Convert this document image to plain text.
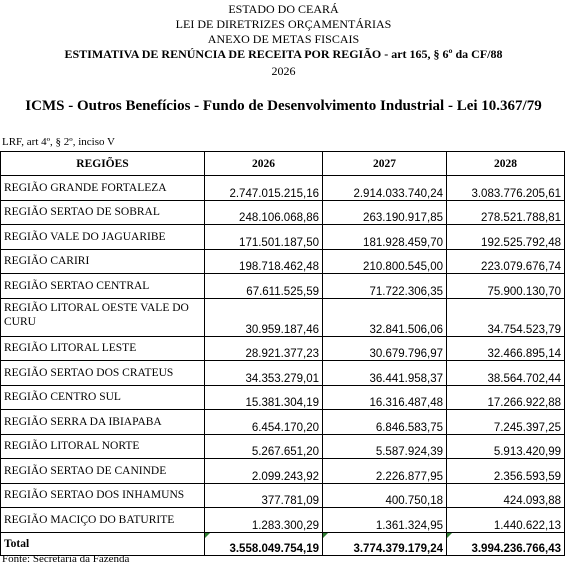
ESTADO DO CEARÁ
LEI DE DIRETRIZES ORÇAMENTÁRIAS
ANEXO DE METAS FISCAIS
ESTIMATIVA DE RENÚNCIA DE RECEITA POR REGIÃO - art 165, § 6º da CF/88
2026
ICMS - Outros Benefícios - Fundo de Desenvolvimento Industrial - Lei 10.367/79
LRF, art 4º, § 2º, inciso V
REGIÕES	2026	2027	2028
REGIÃO GRANDE FORTALEZA	2.747.015.215,16	2.914.033.740,24	3.083.776.205,61
REGIÃO SERTAO DE SOBRAL	248.106.068,86	263.190.917,85	278.521.788,81
REGIÃO VALE DO JAGUARIBE	171.501.187,50	181.928.459,70	192.525.792,48
REGIÃO CARIRI	198.718.462,48	210.800.545,00	223.079.676,74
REGIÃO SERTAO CENTRAL	67.611.525,59	71.722.306,35	75.900.130,70
REGIÃO LITORAL OESTE VALE DO CURU	30.959.187,46	32.841.506,06	34.754.523,79
REGIÃO LITORAL LESTE	28.921.377,23	30.679.796,97	32.466.895,14
REGIÃO SERTAO DOS CRATEUS	34.353.279,01	36.441.958,37	38.564.702,44
REGIÃO CENTRO SUL	15.381.304,19	16.316.487,48	17.266.922,88
REGIÃO SERRA DA IBIAPABA	6.454.170,20	6.846.583,75	7.245.397,25
REGIÃO LITORAL NORTE	5.267.651,20	5.587.924,39	5.913.420,99
REGIÃO SERTAO DE CANINDE	2.099.243,92	2.226.877,95	2.356.593,59
REGIÃO SERTAO DOS INHAMUNS	377.781,09	400.750,18	424.093,88
REGIÃO MACIÇO DO BATURITE	1.283.300,29	1.361.324,95	1.440.622,13
Total	3.558.049.754,19	3.774.379.179,24	3.994.236.766,43
Fonte: Secretaria da Fazenda
